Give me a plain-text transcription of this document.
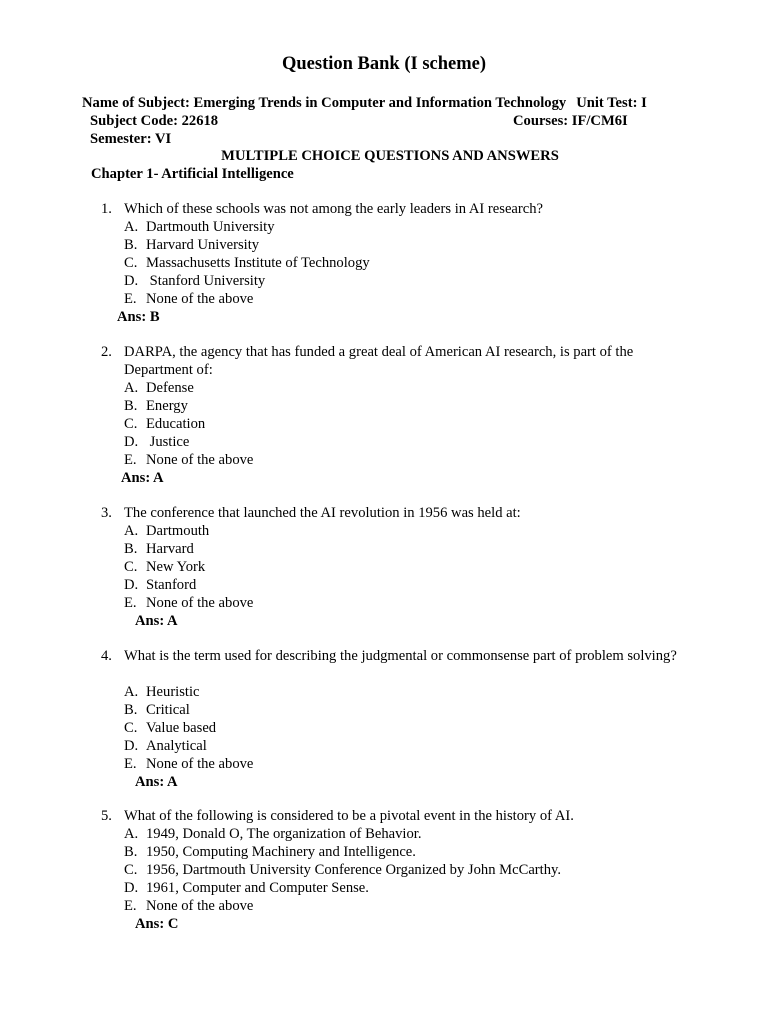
Question Bank (I scheme)
Name of Subject: Emerging Trends in Computer and Information Technology Unit Test: I
Subject Code: 22618	Courses: IF/CM6I
Semester: VI
MULTIPLE CHOICE QUESTIONS AND ANSWERS
Chapter 1- Artificial Intelligence
1. Which of these schools was not among the early leaders in AI research?
A. Dartmouth University
B. Harvard University
C. Massachusetts Institute of Technology
D. Stanford University
E. None of the above
Ans: B
2. DARPA, the agency that has funded a great deal of American AI research, is part of the Department of:
A. Defense
B. Energy
C. Education
D. Justice
E. None of the above
Ans: A
3. The conference that launched the AI revolution in 1956 was held at:
A. Dartmouth
B. Harvard
C. New York
D. Stanford
E. None of the above
Ans: A
4. What is the term used for describing the judgmental or commonsense part of problem solving?
A. Heuristic
B. Critical
C. Value based
D. Analytical
E. None of the above
Ans: A
5. What of the following is considered to be a pivotal event in the history of AI.
A. 1949, Donald O, The organization of Behavior.
B. 1950, Computing Machinery and Intelligence.
C. 1956, Dartmouth University Conference Organized by John McCarthy.
D. 1961, Computer and Computer Sense.
E. None of the above
Ans: C
